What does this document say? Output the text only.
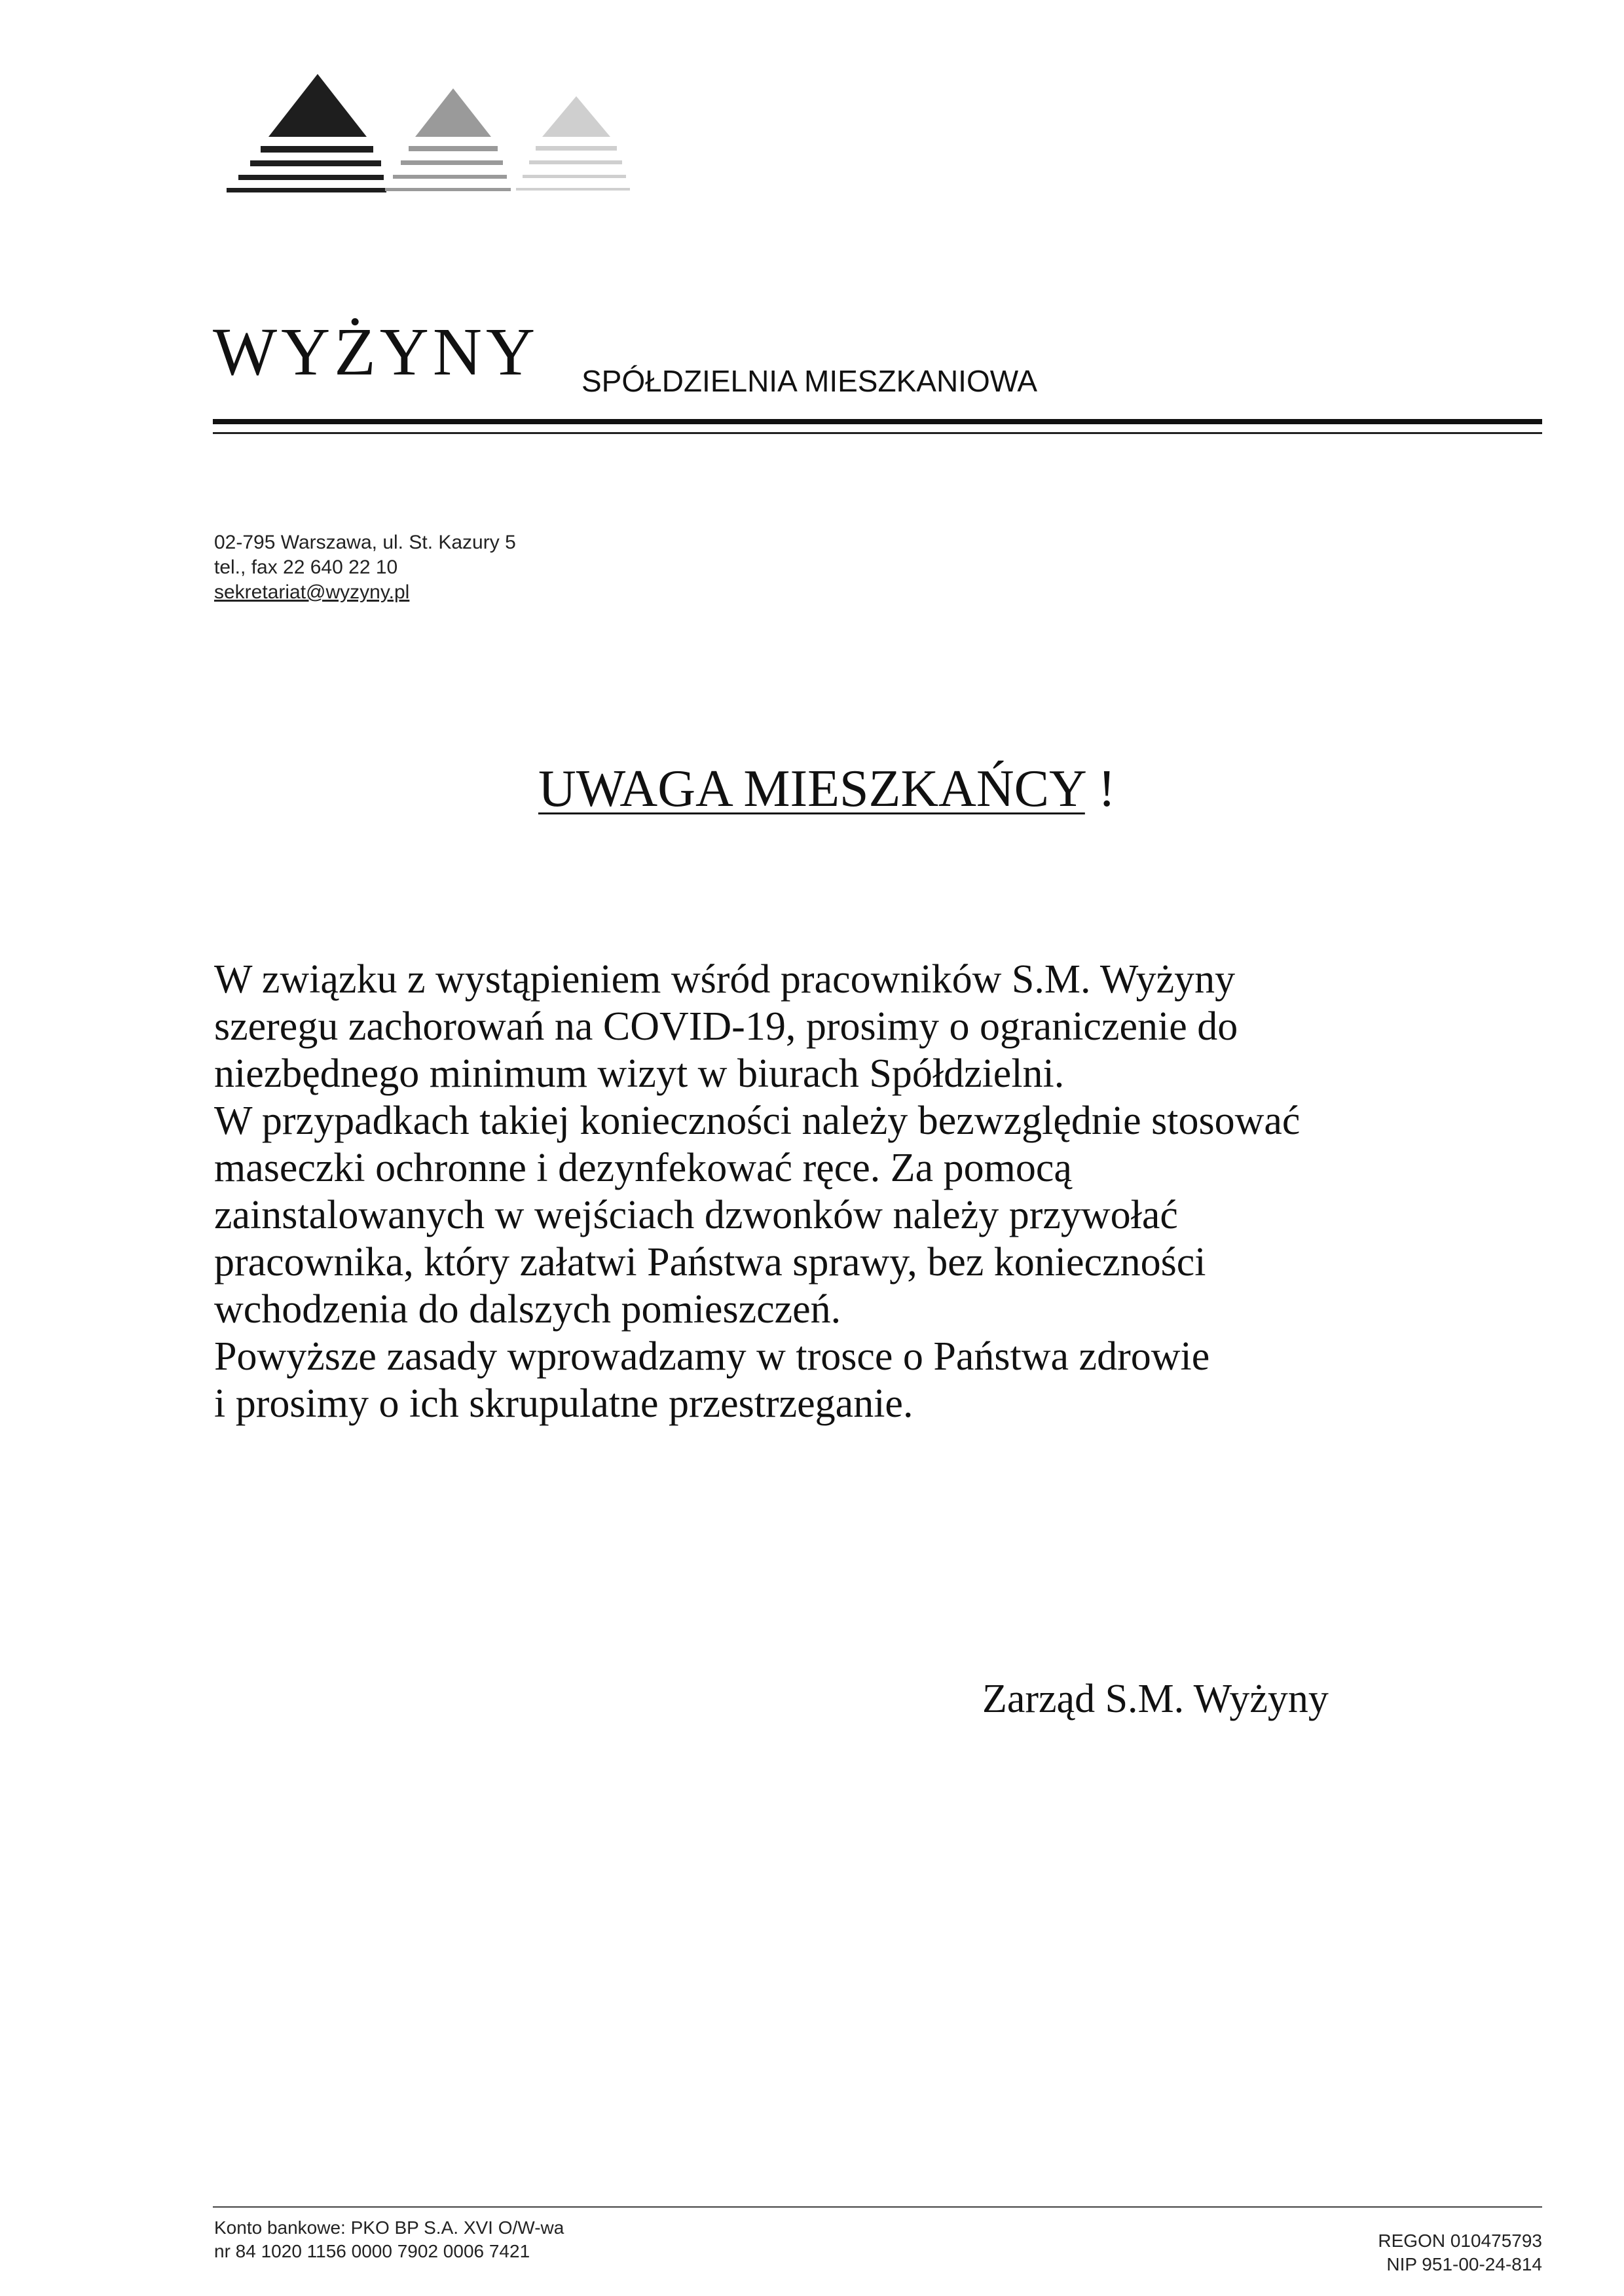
WYŻYNY SPÓŁDZIELNIA MIESZKANIOWA
02-795 Warszawa, ul. St. Kazury 5
tel., fax 22 640 22 10
sekretariat@wyzyny.pl
UWAGA MIESZKAŃCY !
W związku z wystąpieniem wśród pracowników S.M. Wyżyny
szeregu zachorowań na COVID-19, prosimy o ograniczenie do
niezbędnego minimum wizyt w biurach Spółdzielni.
W przypadkach takiej konieczności należy bezwzględnie stosować
maseczki ochronne i dezynfekować ręce. Za pomocą
zainstalowanych w wejściach dzwonków należy przywołać
pracownika, który załatwi Państwa sprawy, bez konieczności
wchodzenia do dalszych pomieszczeń.
Powyższe zasady wprowadzamy w trosce o Państwa zdrowie
i prosimy o ich skrupulatne przestrzeganie.
Zarząd S.M. Wyżyny
Konto bankowe: PKO BP S.A. XVI O/W-wa
nr 84 1020 1156 0000 7902 0006 7421
REGON 010475793
NIP 951-00-24-814
